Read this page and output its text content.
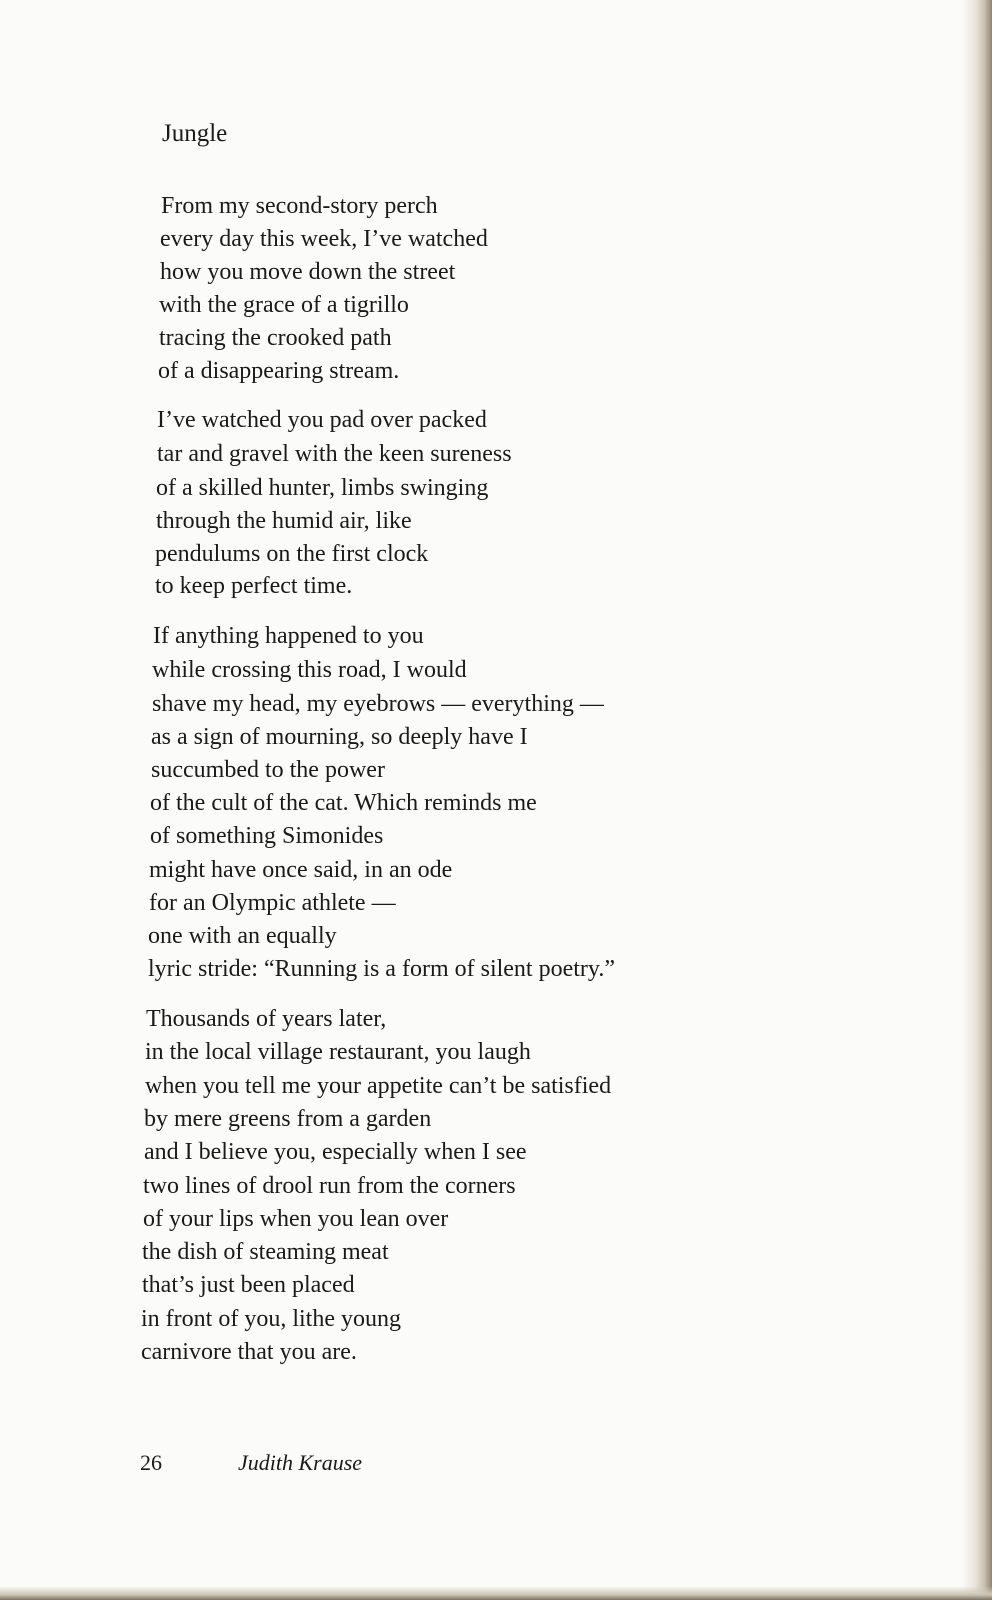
Jungle
From my second-story perch
every day this week, I’ve watched
how you move down the street
with the grace of a tigrillo
tracing the crooked path
of a disappearing stream.
I’ve watched you pad over packed
tar and gravel with the keen sureness
of a skilled hunter, limbs swinging
through the humid air, like
pendulums on the first clock
to keep perfect time.
If anything happened to you
while crossing this road, I would
shave my head, my eyebrows — everything —
as a sign of mourning, so deeply have I
succumbed to the power
of the cult of the cat. Which reminds me
of something Simonides
might have once said, in an ode
for an Olympic athlete —
one with an equally
lyric stride: “Running is a form of silent poetry.”
Thousands of years later,
in the local village restaurant, you laugh
when you tell me your appetite can’t be satisfied
by mere greens from a garden
and I believe you, especially when I see
two lines of drool run from the corners
of your lips when you lean over
the dish of steaming meat
that’s just been placed
in front of you, lithe young
carnivore that you are.
26	Judith Krause
